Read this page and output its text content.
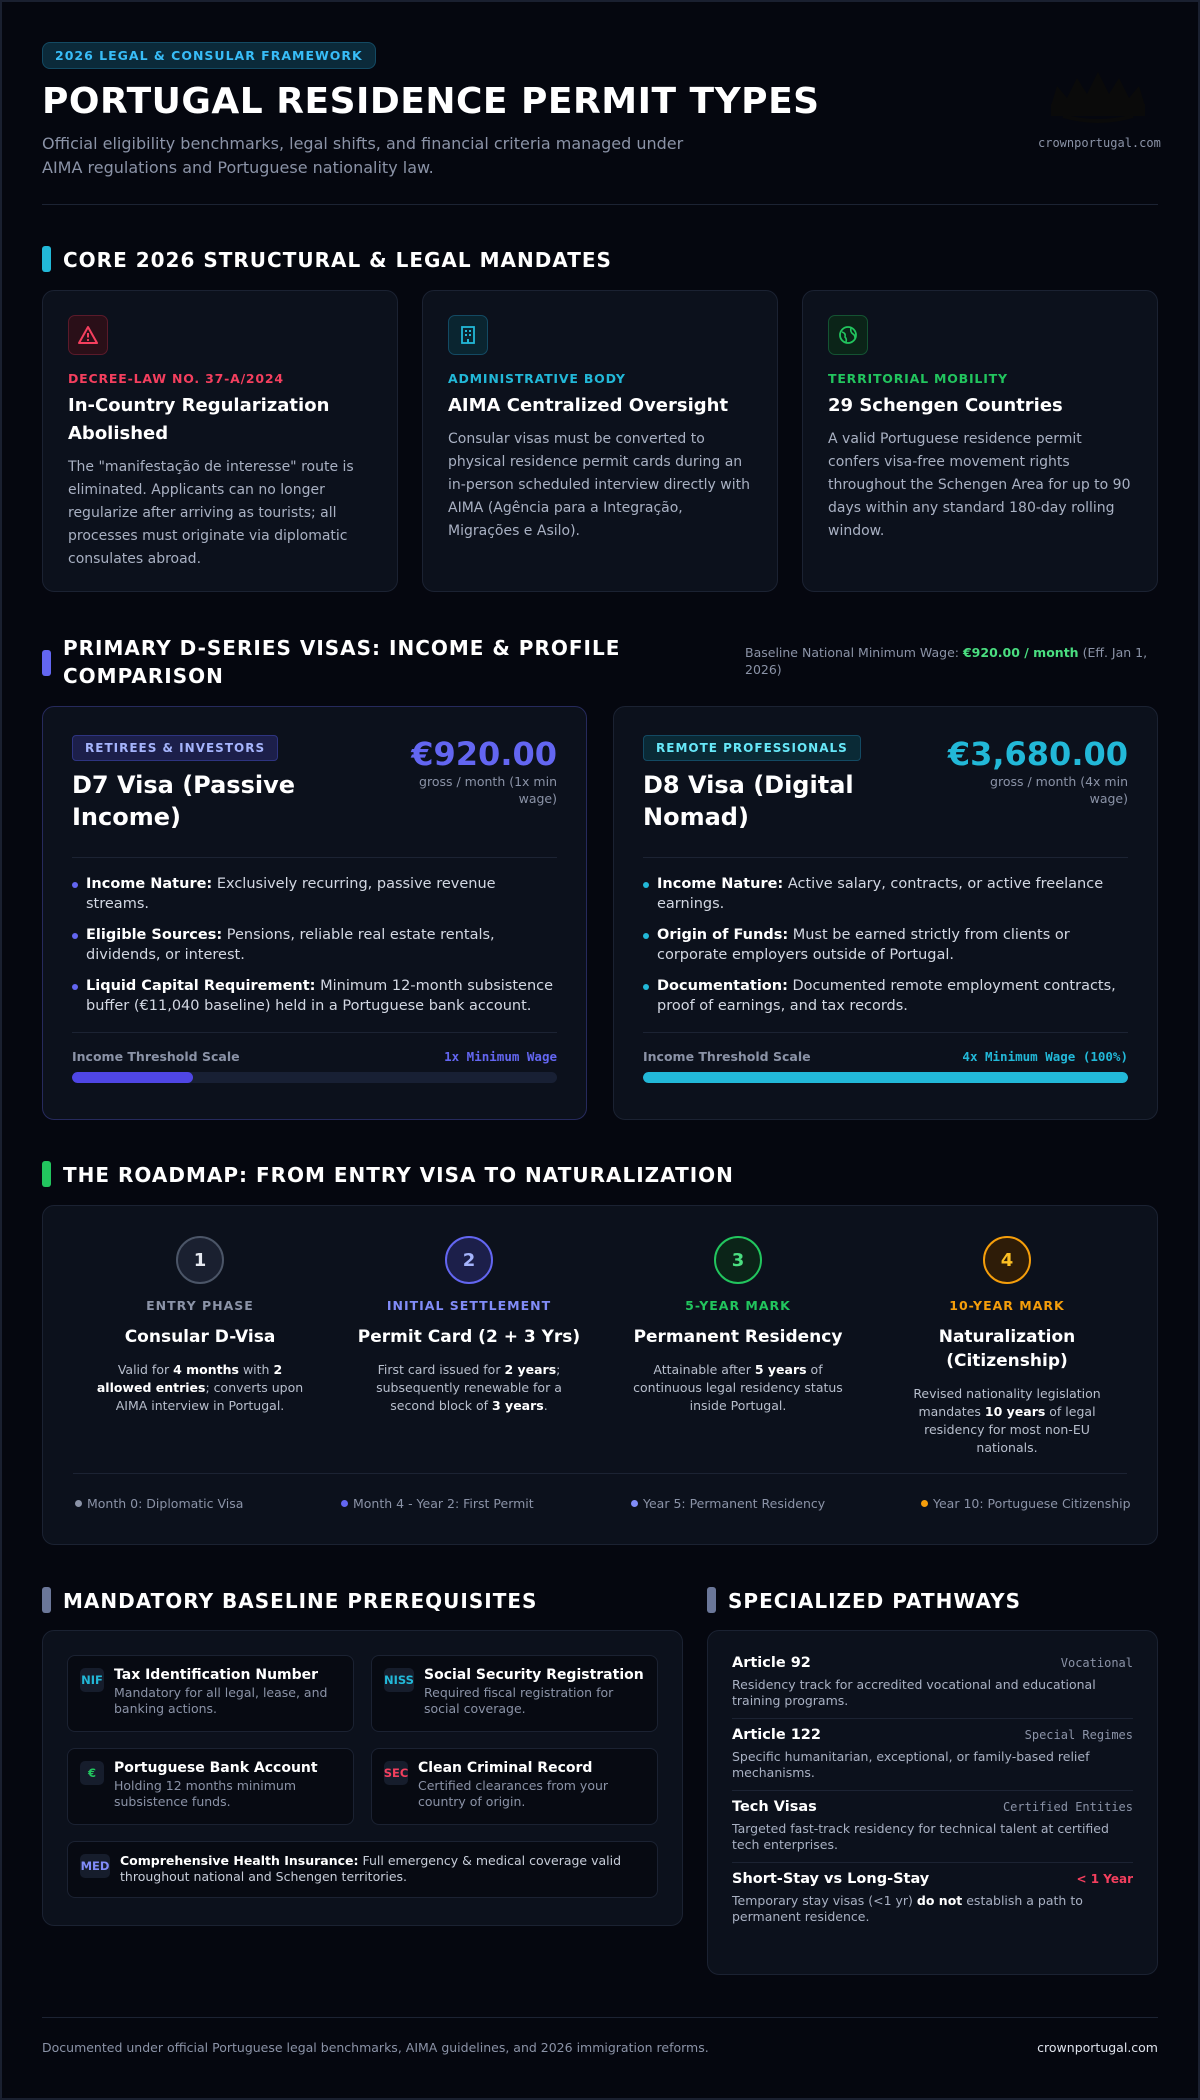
2026 LEGAL & CONSULAR FRAMEWORK
PORTUGAL RESIDENCE PERMIT TYPES
Official eligibility benchmarks, legal shifts, and financial criteria managed under AIMA regulations and Portuguese nationality law.
crownportugal.com
CORE 2026 STRUCTURAL & LEGAL MANDATES
DECREE-LAW NO. 37-A/2024
In-Country Regularization Abolished
The "manifestação de interesse" route is eliminated. Applicants can no longer regularize after arriving as tourists; all processes must originate via diplomatic consulates abroad.
ADMINISTRATIVE BODY
AIMA Centralized Oversight
Consular visas must be converted to physical residence permit cards during an in-person scheduled interview directly with AIMA (Agência para a Integração, Migrações e Asilo).
TERRITORIAL MOBILITY
29 Schengen Countries
A valid Portuguese residence permit confers visa-free movement rights throughout the Schengen Area for up to 90 days within any standard 180-day rolling window.
PRIMARY D-SERIES VISAS: INCOME & PROFILE COMPARISON
Baseline National Minimum Wage: €920.00 / month (Eff. Jan 1, 2026)
RETIREES & INVESTORS
D7 Visa (Passive Income)
€920.00
gross / month (1x min wage)
Income Nature: Exclusively recurring, passive revenue streams.
Eligible Sources: Pensions, reliable real estate rentals, dividends, or interest.
Liquid Capital Requirement: Minimum 12-month subsistence buffer (€11,040 baseline) held in a Portuguese bank account.
Income Threshold Scale	1x Minimum Wage
REMOTE PROFESSIONALS
D8 Visa (Digital Nomad)
€3,680.00
gross / month (4x min wage)
Income Nature: Active salary, contracts, or active freelance earnings.
Origin of Funds: Must be earned strictly from clients or corporate employers outside of Portugal.
Documentation: Documented remote employment contracts, proof of earnings, and tax records.
Income Threshold Scale	4x Minimum Wage (100%)
THE ROADMAP: FROM ENTRY VISA TO NATURALIZATION
1
ENTRY PHASE
Consular D-Visa
Valid for 4 months with 2 allowed entries; converts upon AIMA interview in Portugal.
2
INITIAL SETTLEMENT
Permit Card (2 + 3 Yrs)
First card issued for 2 years; subsequently renewable for a second block of 3 years.
3
5-YEAR MARK
Permanent Residency
Attainable after 5 years of continuous legal residency status inside Portugal.
4
10-YEAR MARK
Naturalization (Citizenship)
Revised nationality legislation mandates 10 years of legal residency for most non-EU nationals.
Month 0: Diplomatic Visa	Month 4 - Year 2: First Permit	Year 5: Permanent Residency	Year 10: Portuguese Citizenship
MANDATORY BASELINE PREREQUISITES	SPECIALIZED PATHWAYS
NIF Tax Identification Number
Mandatory for all legal, lease, and banking actions.
NISS Social Security Registration
Required fiscal registration for social coverage.
€	Portuguese Bank Account
Holding 12 months minimum subsistence funds.
SEC Clean Criminal Record
Certified clearances from your country of origin.
MED Comprehensive Health Insurance: Full emergency & medical coverage valid throughout national and Schengen territories.
Article 92	Vocational
Residency track for accredited vocational and educational training programs.
Article 122	Special Regimes
Specific humanitarian, exceptional, or family-based relief mechanisms.
Tech Visas	Certified Entities
Targeted fast-track residency for technical talent at certified tech enterprises.
Short-Stay vs Long-Stay	< 1 Year
Temporary stay visas (<1 yr) do not establish a path to permanent residence.
Documented under official Portuguese legal benchmarks, AIMA guidelines, and 2026 immigration reforms.	crownportugal.com
